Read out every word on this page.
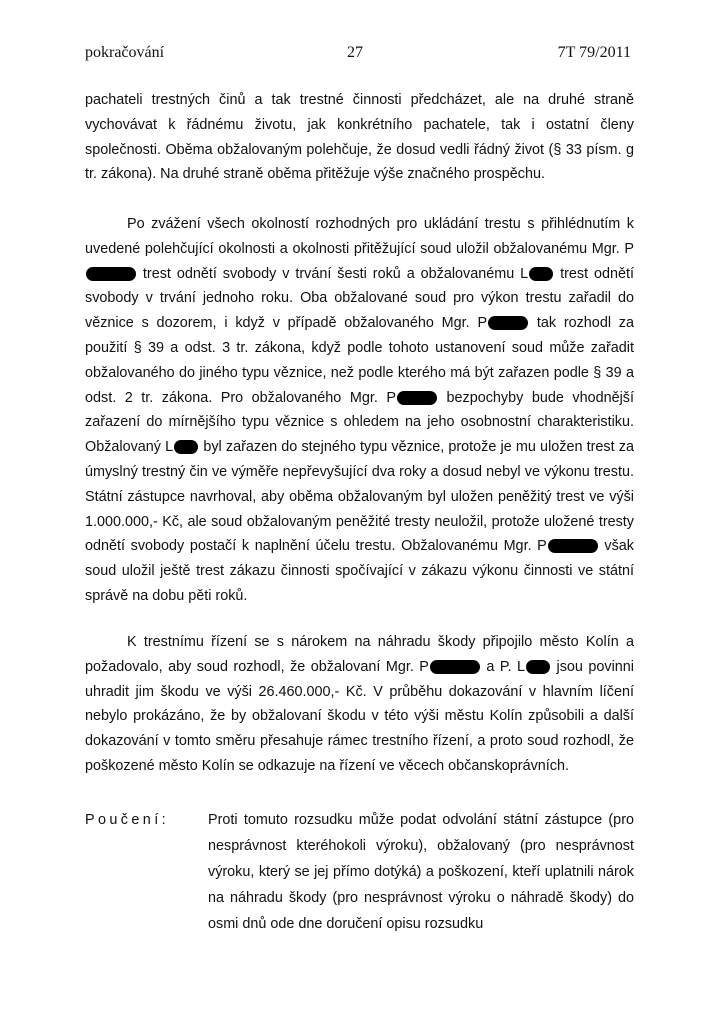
pokračování	27	7T 79/2011
pachateli trestných činů a tak trestné činnosti předcházet, ale na druhé straně vychovávat k řádnému životu, jak konkrétního pachatele, tak i ostatní členy společnosti. Oběma obžalovaným polehčuje, že dosud vedli řádný život (§ 33 písm. g tr. zákona). Na druhé straně oběma přitěžuje výše značného prospěchu.
Po zvážení všech okolností rozhodných pro ukládání trestu s přihlédnutím k uvedené polehčující okolnosti a okolnosti přitěžující soud uložil obžalovanému Mgr. P trest odnětí svobody v trvání šesti roků a obžalovanému L trest odnětí svobody v trvání jednoho roku. Oba obžalované soud pro výkon trestu zařadil do věznice s dozorem, i když v případě obžalovaného Mgr. P	tak rozhodl za použití § 39 a odst. 3 tr. zákona, když podle tohoto ustanovení soud může zařadit obžalovaného do jiného typu věznice, než podle kterého má být zařazen podle § 39 a odst. 2 tr. zákona. Pro obžalovaného Mgr. P	bezpochyby bude vhodnější zařazení do mírnějšího typu věznice s ohledem na jeho osobnostní charakteristiku. Obžalovaný L byl zařazen do stejného typu věznice, protože je mu uložen trest za úmyslný trestný čin ve výměře nepřevyšující dva roky a dosud nebyl ve výkonu trestu. Státní zástupce navrhoval, aby oběma obžalovaným byl uložen peněžitý trest ve výši 1.000.000,- Kč, ale soud obžalovaným peněžité tresty neuložil, protože uložené tresty odnětí svobody postačí k naplnění účelu trestu. Obžalovanému Mgr. P	však soud uložil ještě trest zákazu činnosti spočívající v zákazu výkonu činnosti ve státní správě na dobu pěti roků.
K trestnímu řízení se s nárokem na náhradu škody připojilo město Kolín a požadovalo, aby soud rozhodl, že obžalovaní Mgr. P	a P. L jsou povinni uhradit jim škodu ve výši 26.460.000,- Kč. V průběhu dokazování v hlavním líčení nebylo prokázáno, že by obžalovaní škodu v této výši městu Kolín způsobili a další dokazování v tomto směru přesahuje rámec trestního řízení, a proto soud rozhodl, že poškozené město Kolín se odkazuje na řízení ve věcech občanskoprávních.
Poučení:	Proti tomuto rozsudku může podat odvolání státní zástupce (pro nesprávnost kteréhokoli výroku), obžalovaný (pro nesprávnost výroku, který se jej přímo dotýká) a poškození, kteří uplatnili nárok na náhradu škody (pro nesprávnost výroku o náhradě škody) do osmi dnů ode dne doručení opisu rozsudku
